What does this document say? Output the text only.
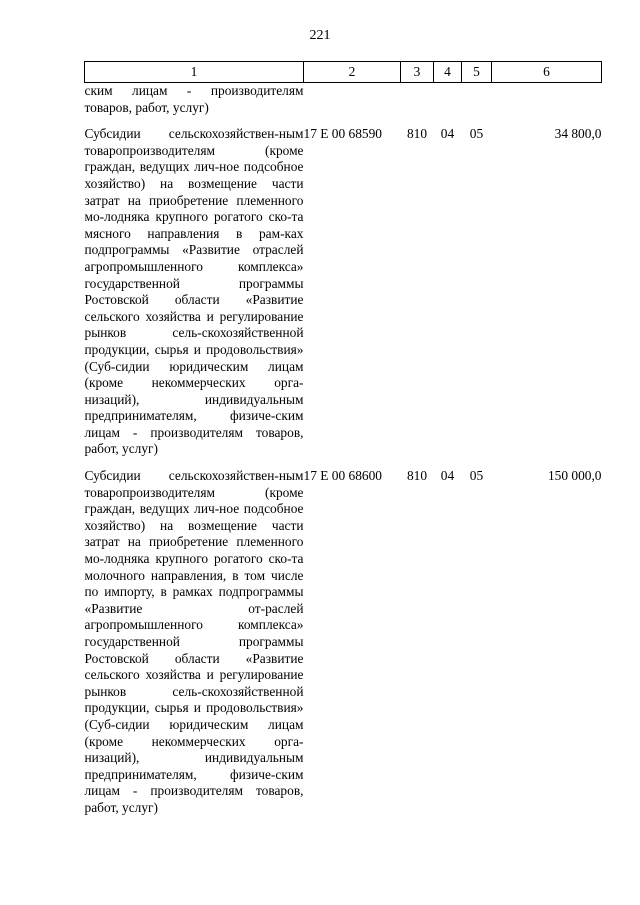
221
1	2	3	4	5	6
ским лицам - производителям товаров, работ, услуг)					

Субсидии сельскохозяйствен-ным товаропроизводителям (кроме граждан, ведущих лич-ное подсобное хозяйство) на возмещение части затрат на приобретение племенного мо-лодняка крупного рогатого ско-та мясного направления в рам-ках подпрограммы «Развитие отраслей агропромышленного комплекса» государственной программы Ростовской области «Развитие сельского хозяйства и регулирование рынков сель-скохозяйственной продукции, сырья и продовольствия» (Суб-сидии юридическим лицам (кроме некоммерческих орга-низаций), индивидуальным предпринимателям, физиче-ским лицам - производителям товаров, работ, услуг)	17 Е 00 68590	810	04	05	34 800,0

Субсидии сельскохозяйствен-ным товаропроизводителям (кроме граждан, ведущих лич-ное подсобное хозяйство) на возмещение части затрат на приобретение племенного мо-лодняка крупного рогатого ско-та молочного направления, в том числе по импорту, в рамках подпрограммы «Развитие от-раслей агропромышленного комплекса» государственной программы Ростовской области «Развитие сельского хозяйства и регулирование рынков сель-скохозяйственной продукции, сырья и продовольствия» (Суб-сидии юридическим лицам (кроме некоммерческих орга-низаций), индивидуальным предпринимателям, физиче-ским лицам - производителям товаров, работ, услуг)	17 Е 00 68600	810	04	05	150 000,0
